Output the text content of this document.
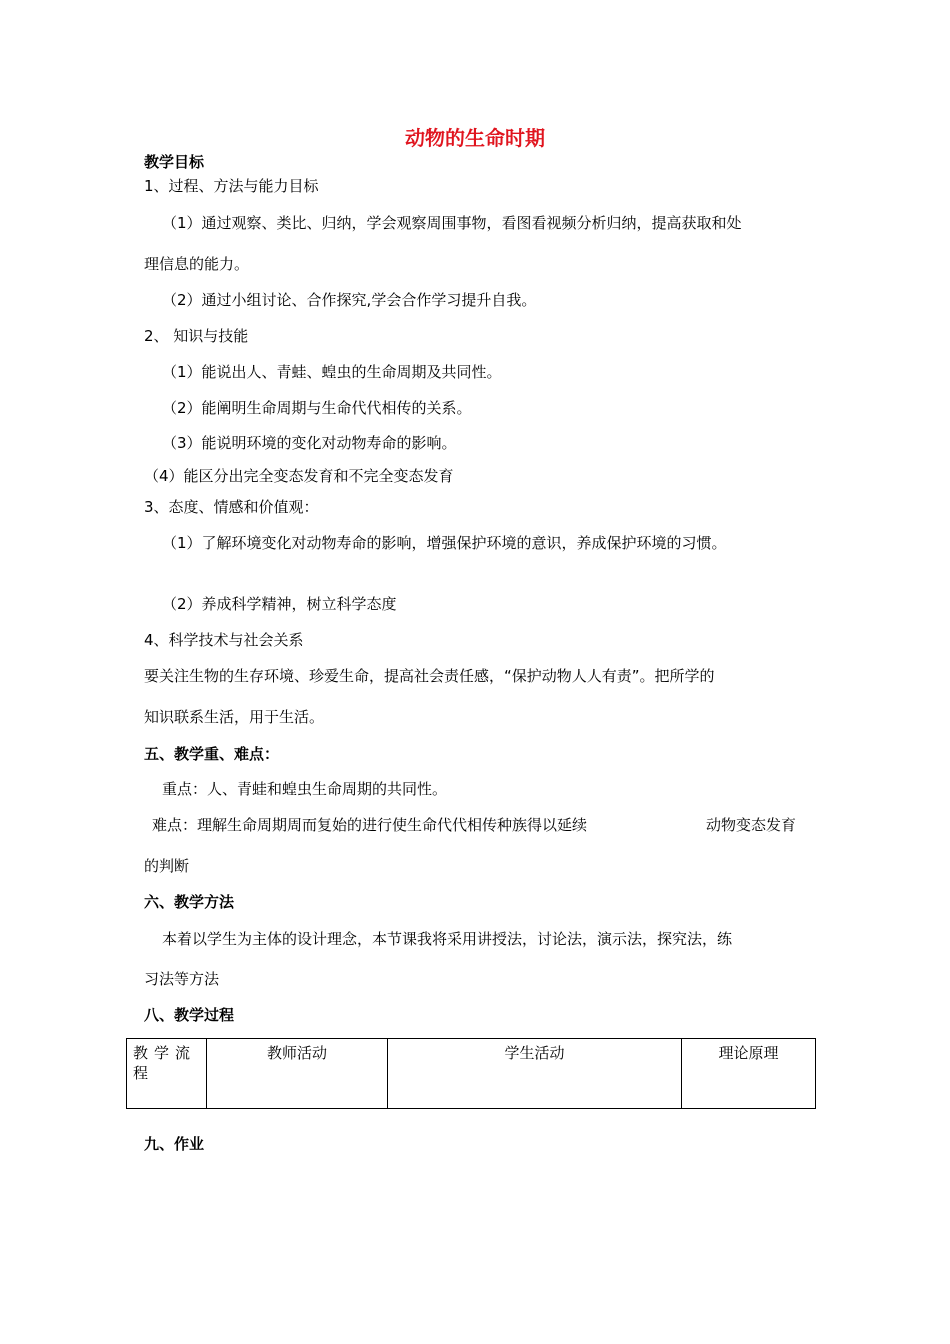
动物的生命时期
教学目标
1、过程、方法与能力目标
（1）通过观察、类比、归纳，学会观察周围事物，看图看视频分析归纳，提高获取和处
理信息的能力。
（2）通过小组讨论、合作探究,学会合作学习提升自我。
2、 知识与技能
（1）能说出人、青蛙、蝗虫的生命周期及共同性。
（2）能阐明生命周期与生命代代相传的关系。
（3）能说明环境的变化对动物寿命的影响。
（4）能区分出完全变态发育和不完全变态发育
3、态度、情感和价值观：
（1）了解环境变化对动物寿命的影响，增强保护环境的意识，养成保护环境的习惯。
（2）养成科学精神，树立科学态度
4、科学技术与社会关系
要关注生物的生存环境、珍爱生命，提高社会责任感，“保护动物人人有责”。把所学的
知识联系生活，用于生活。
五、教学重、难点：
重点：人、青蛙和蝗虫生命周期的共同性。
难点：理解生命周期周而复始的进行使生命代代相传种族得以延续	动物变态发育
的判断
六、教学方法
本着以学生为主体的设计理念，本节课我将采用讲授法，讨论法，演示法，探究法，练
习法等方法
八、教学过程
教学流
程	教师活动	学生活动	理论原理
九、作业
